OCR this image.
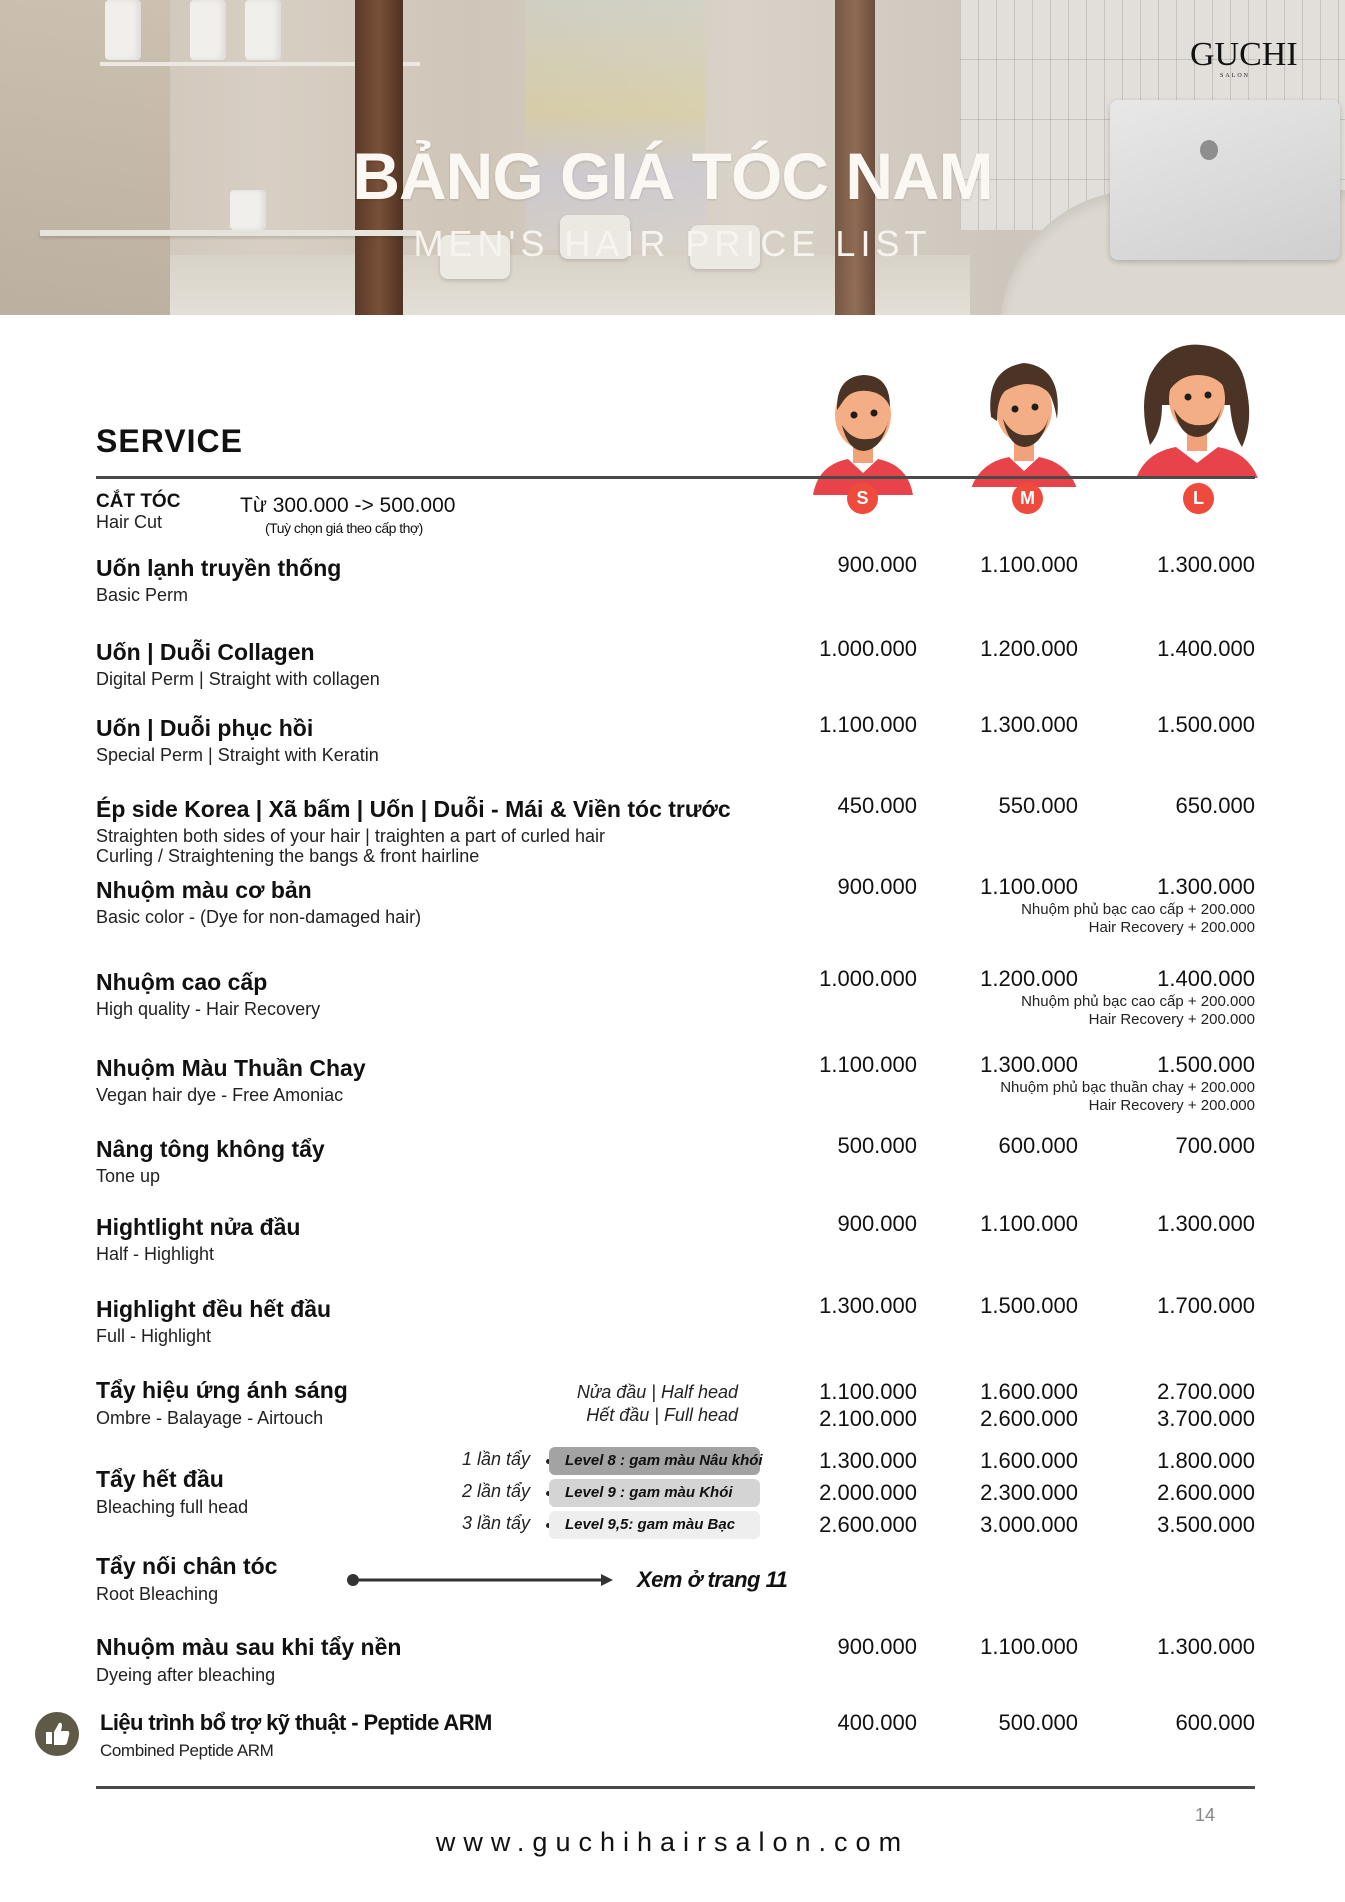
BẢNG GIÁ TÓC NAM
MEN'S HAIR PRICE LIST
GUCHI
SALON
SERVICE
S	M	L
CẮT TÓC
Hair Cut
Từ 300.000 -> 500.000
(Tuỳ chọn giá theo cấp thợ)
Uốn lạnh truyền thống
Basic Perm
900.000	1.100.000	1.300.000
Uốn | Duỗi Collagen
Digital Perm | Straight with collagen
1.000.000	1.200.000	1.400.000
Uốn | Duỗi phục hồi
Special Perm | Straight with Keratin
1.100.000	1.300.000	1.500.000
Ép side Korea | Xã bấm | Uốn | Duỗi - Mái & Viền tóc trước
Straighten both sides of your hair | traighten a part of curled hair
Curling / Straightening the bangs & front hairline
450.000	550.000	650.000
Nhuộm màu cơ bản
Basic color - (Dye for non-damaged hair)
900.000	1.100.000	1.300.000
Nhuộm phủ bạc cao cấp + 200.000
Hair Recovery + 200.000
Nhuộm cao cấp
High quality - Hair Recovery
1.000.000	1.200.000	1.400.000
Nhuộm phủ bạc cao cấp + 200.000
Hair Recovery + 200.000
Nhuộm Màu Thuần Chay
Vegan hair dye - Free Amoniac
1.100.000	1.300.000	1.500.000
Nhuộm phủ bạc thuần chay + 200.000
Hair Recovery + 200.000
Nâng tông không tẩy
Tone up
500.000	600.000	700.000
Hightlight nửa đầu
Half - Highlight
900.000	1.100.000	1.300.000
Highlight đều hết đầu
Full - Highlight
1.300.000	1.500.000	1.700.000
Tẩy hiệu ứng ánh sáng
Ombre - Balayage - Airtouch
Nửa đầu | Half head
Hết đầu | Full head
1.100.000	1.600.000	2.700.000
2.100.000	2.600.000	3.700.000
Tẩy hết đầu
Bleaching full head
1 lần tẩy	Level 8 : gam màu Nâu khói	1.300.000	1.600.000	1.800.000
2 lần tẩy	Level 9 : gam màu Khói	2.000.000	2.300.000	2.600.000
3 lần tẩy	Level 9,5: gam màu Bạc	2.600.000	3.000.000	3.500.000
Tẩy nối chân tóc
Root Bleaching
Xem ở trang 11
Nhuộm màu sau khi tẩy nền
Dyeing after bleaching
900.000	1.100.000	1.300.000
Liệu trình bổ trợ kỹ thuật - Peptide ARM
Combined Peptide ARM
400.000	500.000	600.000
14
www.guchihairsalon.com
